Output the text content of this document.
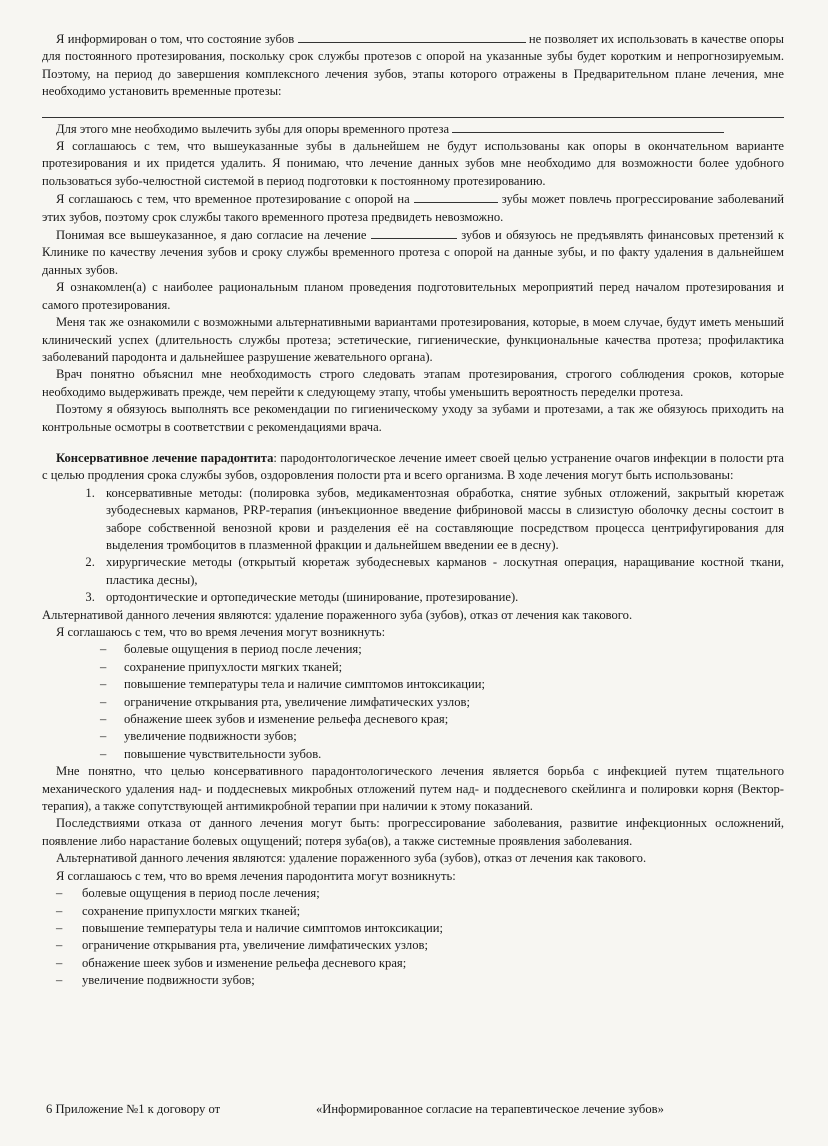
Я информирован о том, что состояние зубов	не позволяет их использовать в качестве опоры для постоянного протезирования, поскольку срок службы протезов с опорой на указанные зубы будет коротким и непрогнозируемым. Поэтому, на период до завершения комплексного лечения зубов, этапы которого отражены в Предварительном плане лечения, мне необходимо установить временные протезы:

Для этого мне необходимо вылечить зубы для опоры временного протеза

Я соглашаюсь с тем, что вышеуказанные зубы в дальнейшем не будут использованы как опоры в окончательном варианте протезирования и их придется удалить. Я понимаю, что лечение данных зубов мне необходимо для возможности более удобного пользоваться зубо-челюстной системой в период подготовки к постоянному протезированию.

Я соглашаюсь с тем, что временное протезирование с опорой на	зубы может повлечь прогрессирование заболеваний этих зубов, поэтому срок службы такого временного протеза предвидеть невозможно.

Понимая все вышеуказанное, я даю согласие на лечение	зубов и обязуюсь не предъявлять финансовых претензий к Клинике по качеству лечения зубов и сроку службы временного протеза с опорой на данные зубы, и по факту удаления в дальнейшем данных зубов.

Я ознакомлен(а) с наиболее рациональным планом проведения подготовительных мероприятий перед началом протезирования и самого протезирования.

Меня так же ознакомили с возможными альтернативными вариантами протезирования, которые, в моем случае, будут иметь меньший клинический успех (длительность службы протеза; эстетические, гигиенические, функциональные качества протеза; профилактика заболеваний пародонта и дальнейшее разрушение жевательного органа).

Врач понятно объяснил мне необходимость строго следовать этапам протезирования, строгого соблюдения сроков, которые необходимо выдерживать прежде, чем перейти к следующему этапу, чтобы уменьшить вероятность переделки протеза.

Поэтому я обязуюсь выполнять все рекомендации по гигиеническому уходу за зубами и протезами, а так же обязуюсь приходить на контрольные осмотры в соответствии с рекомендациями врача.

Консервативное лечение парадонтита: пародонтологическое лечение имеет своей целью устранение очагов инфекции в полости рта с целью продления срока службы зубов, оздоровления полости рта и всего организма. В ходе лечения могут быть использованы:

1. консервативные методы: (полировка зубов, медикаментозная обработка, снятие зубных отложений, закрытый кюретаж зубодесневых карманов, PRP-терапия (инъекционное введение фибриновой массы в слизистую оболочку десны состоит в заборе собственной венозной крови и разделения её на составляющие посредством процесса центрифугирования для выделения тромбоцитов в плазменной фракции и дальнейшем введении ее в десну).
2. хирургические методы (открытый кюретаж зубодесневых карманов - лоскутная операция, наращивание костной ткани, пластика десны),
3. ортодонтические и ортопедические методы (шинирование, протезирование).

Альтернативой данного лечения являются: удаление пораженного зуба (зубов), отказ от лечения как такового.

Я соглашаюсь с тем, что во время лечения могут возникнуть:

– болевые ощущения в период после лечения;
– сохранение припухлости мягких тканей;
– повышение температуры тела и наличие симптомов интоксикации;
– ограничение открывания рта, увеличение лимфатических узлов;
– обнажение шеек зубов и изменение рельефа десневого края;
– увеличение подвижности зубов;
– повышение чувствительности зубов.

Мне понятно, что целью консервативного парадонтологического лечения является борьба с инфекцией путем тщательного механического удаления над- и поддесневых микробных отложений путем над- и поддесневого скейлинга и полировки корня (Вектор- терапия), а также сопутствующей антимикробной терапии при наличии к этому показаний.

Последствиями отказа от данного лечения могут быть: прогрессирование заболевания, развитие инфекционных осложнений, появление либо нарастание болевых ощущений; потеря зуба(ов), а также системные проявления заболевания.

Альтернативой данного лечения являются: удаление пораженного зуба (зубов), отказ от лечения как такового.

Я соглашаюсь с тем, что во время лечения пародонтита могут возникнуть:

– болевые ощущения в период после лечения;
– сохранение припухлости мягких тканей;
– повышение температуры тела и наличие симптомов интоксикации;
– ограничение открывания рта, увеличение лимфатических узлов;
– обнажение шеек зубов и изменение рельефа десневого края;
– увеличение подвижности зубов;
6 Приложение №1 к договору от	«Информированное согласие на терапевтическое лечение зубов»
